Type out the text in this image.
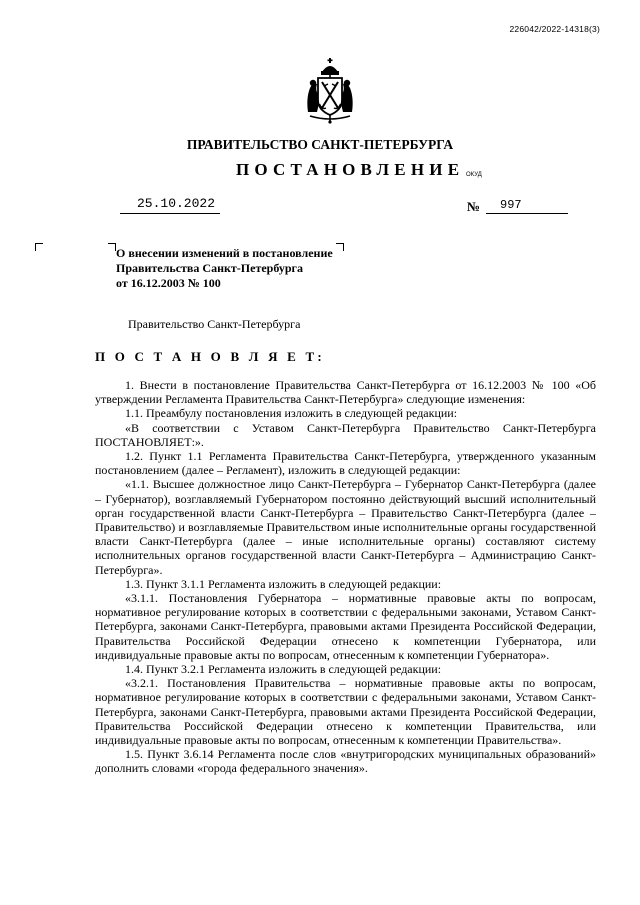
226042/2022-14318(3)
ПРАВИТЕЛЬСТВО САНКТ-ПЕТЕРБУРГА
ПОСТАНОВЛЕНИЕ ОКУД
25.10.2022	№ 997
О внесении изменений в постановление
Правительства Санкт-Петербурга
от 16.12.2003 № 100
Правительство Санкт-Петербурга
П О С Т А Н О В Л Я Е Т:

1. Внести в постановление Правительства Санкт-Петербурга от 16.12.2003 № 100 «Об утверждении Регламента Правительства Санкт-Петербурга» следующие изменения:

1.1. Преамбулу постановления изложить в следующей редакции:

«В соответствии с Уставом Санкт-Петербурга Правительство Санкт-Петербурга ПОСТАНОВЛЯЕТ:».

1.2. Пункт 1.1 Регламента Правительства Санкт-Петербурга, утвержденного указанным постановлением (далее – Регламент), изложить в следующей редакции:

«1.1. Высшее должностное лицо Санкт-Петербурга – Губернатор Санкт-Петербурга (далее – Губернатор), возглавляемый Губернатором постоянно действующий высший исполнительный орган государственной власти Санкт-Петербурга – Правительство Санкт-Петербурга (далее – Правительство) и возглавляемые Правительством иные исполнительные органы государственной власти Санкт-Петербурга (далее – иные исполнительные органы) составляют систему исполнительных органов государственной власти Санкт-Петербурга – Администрацию Санкт-Петербурга».

1.3. Пункт 3.1.1 Регламента изложить в следующей редакции:

«3.1.1. Постановления Губернатора – нормативные правовые акты по вопросам, нормативное регулирование которых в соответствии с федеральными законами, Уставом Санкт-Петербурга, законами Санкт-Петербурга, правовыми актами Президента Российской Федерации, Правительства Российской Федерации отнесено к компетенции Губернатора, или индивидуальные правовые акты по вопросам, отнесенным к компетенции Губернатора».

1.4. Пункт 3.2.1 Регламента изложить в следующей редакции:

«3.2.1. Постановления Правительства – нормативные правовые акты по вопросам, нормативное регулирование которых в соответствии с федеральными законами, Уставом Санкт-Петербурга, законами Санкт-Петербурга, правовыми актами Президента Российской Федерации, Правительства Российской Федерации отнесено к компетенции Правительства, или индивидуальные правовые акты по вопросам, отнесенным к компетенции Правительства».

1.5. Пункт 3.6.14 Регламента после слов «внутригородских муниципальных образований» дополнить словами «города федерального значения».
